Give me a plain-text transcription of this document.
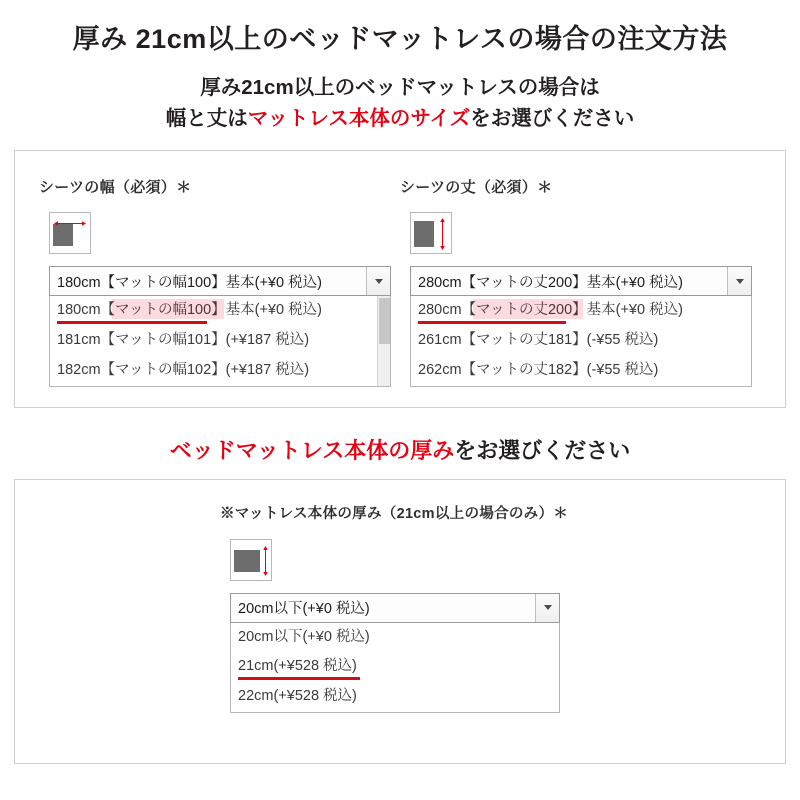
厚み 21cm以上のベッドマットレスの場合の注文方法
厚み21cm以上のベッドマットレスの場合は
幅と丈はマットレス本体のサイズをお選びください
シーツの幅（必須）＊
180cm【マットの幅100】基本(+¥0 税込)
180cm【マットの幅100】基本(+¥0 税込)
181cm【マットの幅101】(+¥187 税込)
182cm【マットの幅102】(+¥187 税込)
シーツの丈（必須）＊
280cm【マットの丈200】基本(+¥0 税込)
280cm【マットの丈200】基本(+¥0 税込)
261cm【マットの丈181】(-¥55 税込)
262cm【マットの丈182】(-¥55 税込)
ベッドマットレス本体の厚みをお選びください
※マットレス本体の厚み（21cm以上の場合のみ）＊
20cm以下(+¥0 税込)
20cm以下(+¥0 税込)
21cm(+¥528 税込)
22cm(+¥528 税込)
